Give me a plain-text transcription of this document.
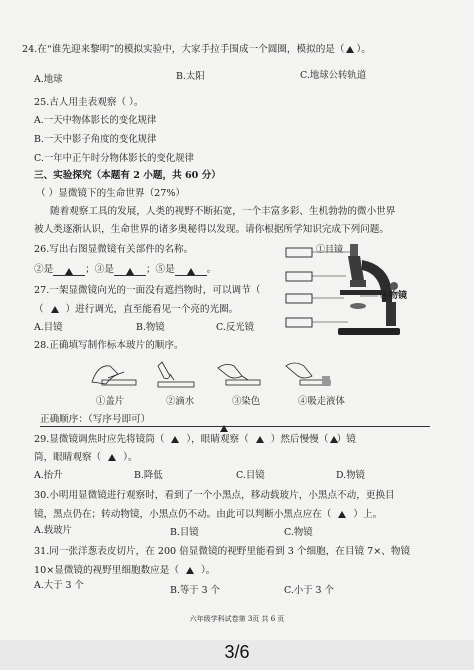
24.在“谁先迎来黎明”的模拟实验中，大家手拉手围成一个圆圈，模拟的是（ ）。
A.地球	B.太阳	C.地球公转轨道
25.古人用圭表观察（ ）。
A.一天中物体影长的变化规律
B.一天中影子角度的变化规律
C.一年中正午时分物体影长的变化规律
三、实验探究（本题有 2 小题，共 60 分）
（ ）显微镜下的生命世界（27%）
随着观察工具的发展，人类的视野不断拓宽，一个丰富多彩、生机勃勃的微小世界
被人类逐渐认识，生命世界的诸多奥秘得以发现。请你根据所学知识完成下列问题。
26.写出右图显微镜有关部件的名称。
②是	；③是	；⑤是	。
①目镜
④物镜
27.一架显微镜向光的一面没有遮挡物时，可以调节（
（ ）进行调光，直至能看见一个亮的光圈。
A.目镜	B.物镜	C.反光镜
28.正确填写制作标本玻片的顺序。
①盖片	②滴水	③染色	④吸走液体
正确顺序：（写序号即可）
29.显微镜调焦时应先将镜筒（ ），眼睛观察（ ）然后慢慢（ ）镜
筒，眼睛观察（ ）。
A.抬升	B.降低	C.目镜	D.物镜
30.小明用显微镜进行观察时，看到了一个小黑点，移动载玻片，小黑点不动，更换目
镜，黑点仍在；转动物镜，小黑点仍不动。由此可以判断小黑点应在（ ）上。
A.载玻片	B.目镜	C.物镜
31.同一张洋葱表皮切片，在 200 倍显微镜的视野里能看到 3 个细胞，在目镜 7×、物镜
10×显微镜的视野里细胞数应是（ ）。
A.大于 3 个	B.等于 3 个	C.小于 3 个
六年级学科试卷第 3页 共 6 页
3/6
